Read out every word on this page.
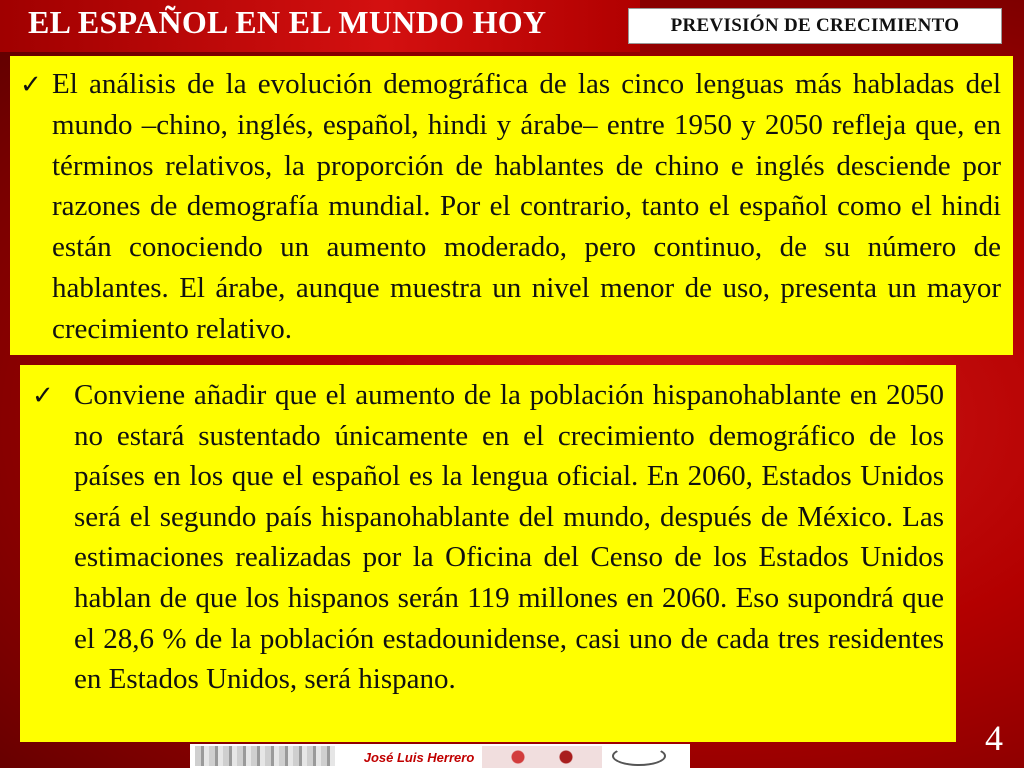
EL ESPAÑOL EN EL MUNDO HOY	PREVISIÓN DE CRECIMIENTO
✓ El análisis de la evolución demográfica de las cinco lenguas más habladas del mundo –chino, inglés, español, hindi y árabe– entre 1950 y 2050 refleja que, en términos relativos, la proporción de hablantes de chino e inglés desciende por razones de demografía mundial. Por el contrario, tanto el español como el hindi están conociendo un aumento moderado, pero continuo, de su número de hablantes. El árabe, aunque muestra un nivel menor de uso, presenta un mayor crecimiento relativo.

✓ Conviene añadir que el aumento de la población hispanohablante en 2050 no estará sustentado únicamente en el crecimiento demográfico de los países en los que el español es la lengua oficial. En 2060, Estados Unidos será el segundo país hispanohablante del mundo, después de México. Las estimaciones realizadas por la Oficina del Censo de los Estados Unidos hablan de que los hispanos serán 119 millones en 2060. Eso supondrá que el 28,6 % de la población estadounidense, casi uno de cada tres residentes en Estados Unidos, será hispano.

José Luis Herrero	4
